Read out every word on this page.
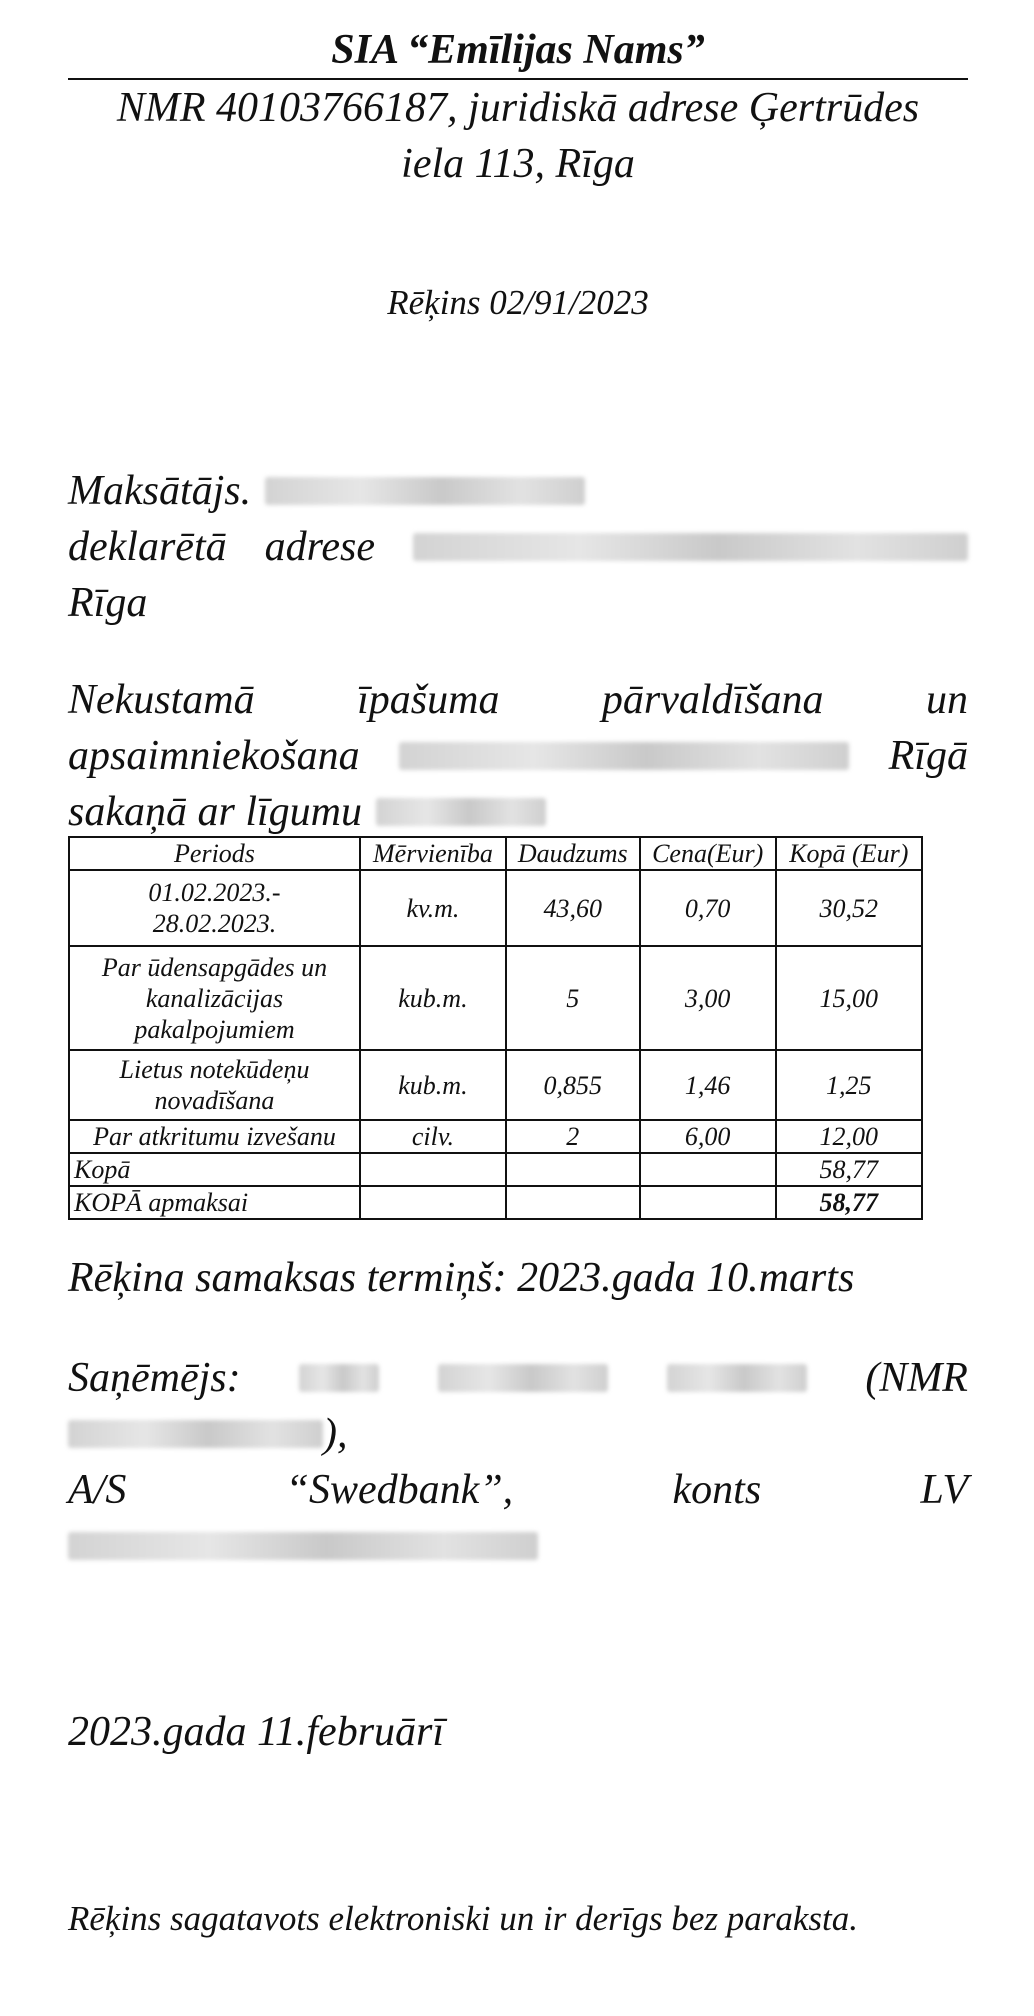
SIA “Emīlijas Nams”
NMR 40103766187, juridiskā adrese Ģertrūdes
iela 113, Rīga
Rēķins 02/91/2023
Maksātājs.
deklarētā adrese
Rīga
Nekustamā īpašuma pārvaldīšana un
apsaimniekošana	Rīgā
sakaņā ar līgumu
Periods	Mērvienība	Daudzums	Cena(Eur)	Kopā (Eur)

01.02.2023.-
28.02.2023.	kv.m.	43,60	0,70	30,52

Par ūdensapgādes un
kanalizācijas
pakalpojumiem	kub.m.	5	3,00	15,00

Lietus notekūdeņu
novadīšana	kub.m.	0,855	1,46	1,25
Par atkritumu izvešanu	cilv.	2	6,00	12,00
Kopā				58,77
KOPĀ apmaksai				58,77
Rēķina samaksas termiņš: 2023.gada 10.marts
Saņēmējs:	(NMR
),
A/S	“Swedbank”,	konts	LV
2023.gada 11.februārī
Rēķins sagatavots elektroniski un ir derīgs bez paraksta.
